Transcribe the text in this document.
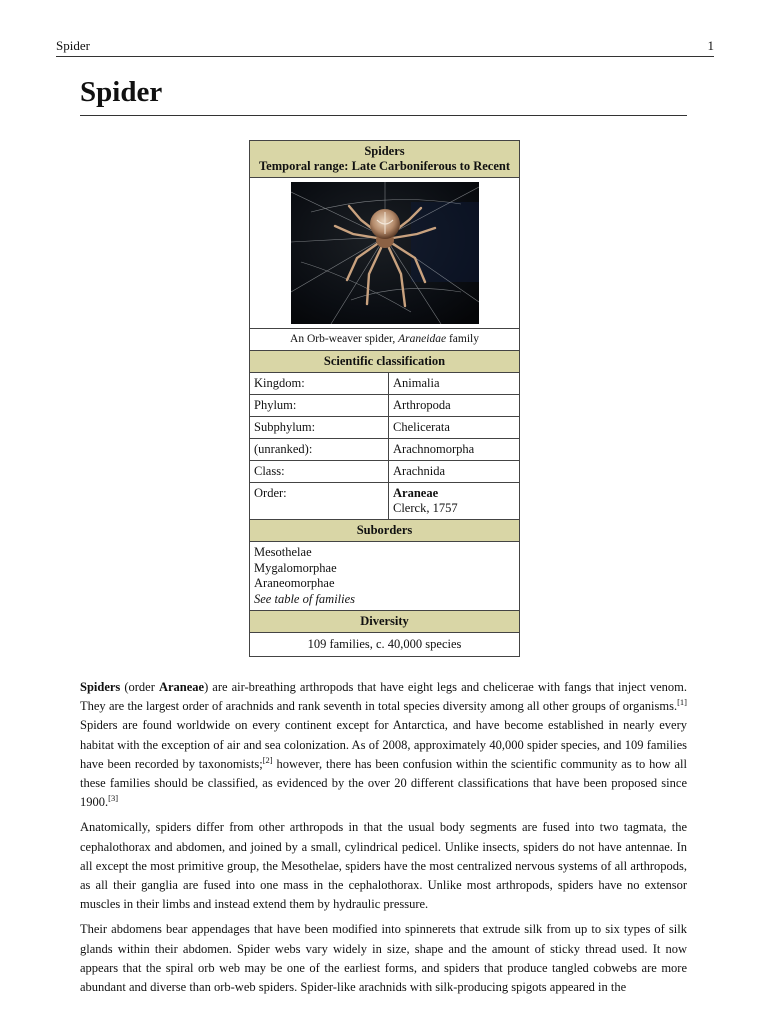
Spider	1
Spider
Spiders
Temporal range: Late Carboniferous to Recent
An Orb-weaver spider, Araneidae family
Scientific classification
Kingdom:	Animalia
Phylum:	Arthropoda
Subphylum:	Chelicerata
(unranked):	Arachnomorpha
Class:	Arachnida
Order:	Araneae
Clerck, 1757
Suborders
Mesothelae
Mygalomorphae
Araneomorphae
See table of families
Diversity
109 families, c. 40,000 species

Spiders (order Araneae) are air-breathing arthropods that have eight legs and chelicerae with fangs that inject venom. They are the largest order of arachnids and rank seventh in total species diversity among all other groups of organisms.[1] Spiders are found worldwide on every continent except for Antarctica, and have become established in nearly every habitat with the exception of air and sea colonization. As of 2008, approximately 40,000 spider species, and 109 families have been recorded by taxonomists;[2] however, there has been confusion within the scientific community as to how all these families should be classified, as evidenced by the over 20 different classifications that have been proposed since 1900.[3]

Anatomically, spiders differ from other arthropods in that the usual body segments are fused into two tagmata, the cephalothorax and abdomen, and joined by a small, cylindrical pedicel. Unlike insects, spiders do not have antennae. In all except the most primitive group, the Mesothelae, spiders have the most centralized nervous systems of all arthropods, as all their ganglia are fused into one mass in the cephalothorax. Unlike most arthropods, spiders have no extensor muscles in their limbs and instead extend them by hydraulic pressure.

Their abdomens bear appendages that have been modified into spinnerets that extrude silk from up to six types of silk glands within their abdomen. Spider webs vary widely in size, shape and the amount of sticky thread used. It now appears that the spiral orb web may be one of the earliest forms, and spiders that produce tangled cobwebs are more abundant and diverse than orb-web spiders. Spider-like arachnids with silk-producing spigots appeared in the
